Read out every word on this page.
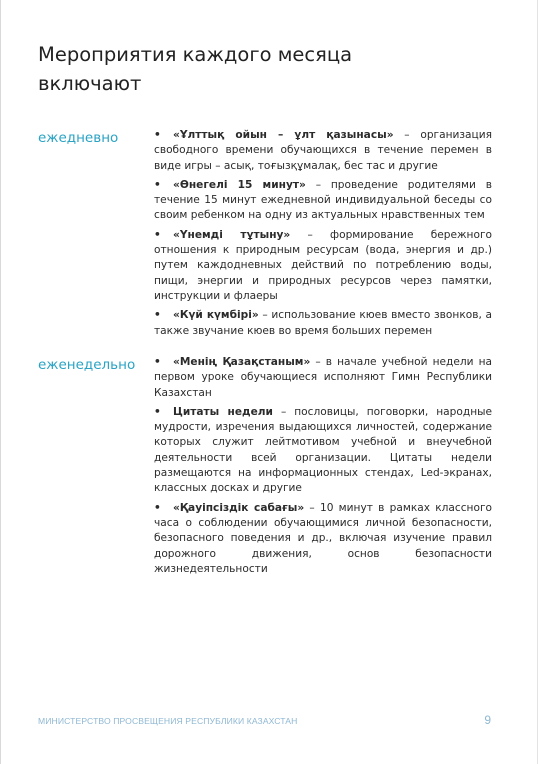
Мероприятия каждого месяца включают
ежедневно	• «Ұлттық ойын – ұлт қазынасы» – организация свободного времени обучающихся в течение перемен в виде игры – асық, тоғызқұмалақ, бес тас и другие
• «Өнегелі 15 минут» – проведение родителями в течение 15 минут ежедневной индивидуальной беседы со своим ребенком на одну из актуальных нравственных тем
• «Үнемді тұтыну» – формирование бережного отношения к природным ресурсам (вода, энергия и др.) путем каждодневных действий по потреблению воды, пищи, энергии и природных ресурсов через памятки, инструкции и флаеры
• «Күй күмбірі» – использование кюев вместо звонков, а также звучание кюев во время больших перемен
еженедельно • «Менің Қазақстаным» – в начале учебной недели на первом уроке обучающиеся исполняют Гимн Республики Казахстан
• Цитаты недели – пословицы, поговорки, народные мудрости, изречения выдающихся личностей, содержание которых служит лейтмотивом учебной и внеучебной деятельности всей организации. Цитаты недели размещаются на информационных стендах, Led-экранах, классных досках и другие
• «Қауіпсіздік сабағы» – 10 минут в рамках классного часа о соблюдении обучающимися личной безопасности, безопасного поведения и др., включая изучение правил дорожного движения, основ безопасности жизнедеятельности
МИНИСТЕРСТВО ПРОСВЕЩЕНИЯ РЕСПУБЛИКИ КАЗАХСТАН	9
